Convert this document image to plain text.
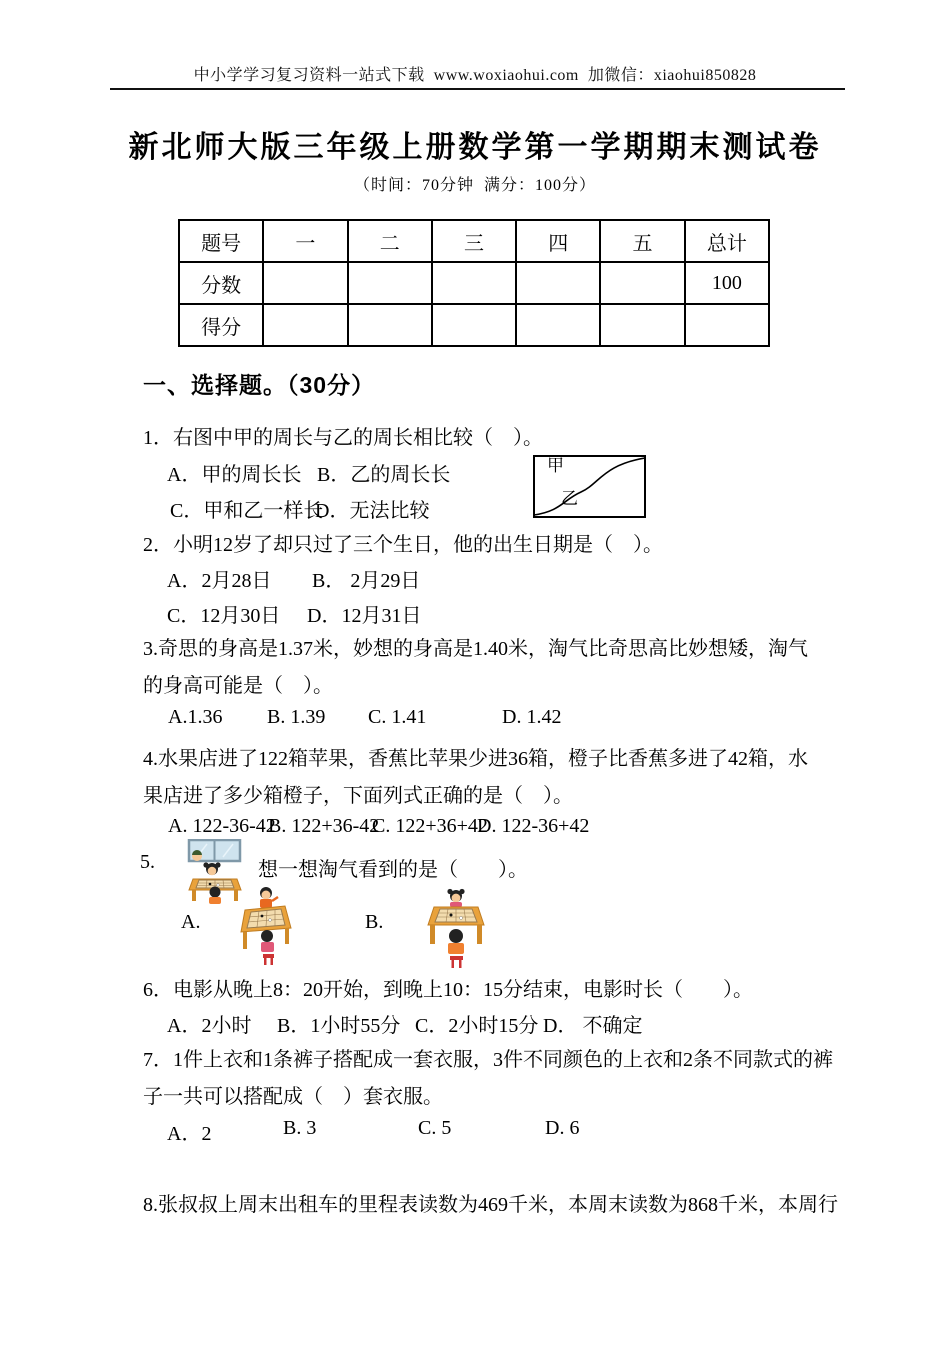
中小学学习复习资料一站式下载  www.woxiaohui.com  加微信：xiaohui850828
新北师大版三年级上册数学第一学期期末测试卷
（时间：70分钟  满分：100分）
题号	一	二	三	四	五	总计
分数						100
得分						
一、选择题。（30分）
1．右图中甲的周长与乙的周长相比较（　）。
A．甲的周长长 B．乙的周长长
C．甲和乙一样长
D．无法比较
甲
乙
2．小明12岁了却只过了三个生日，他的出生日期是（　）。
A．2月28日 B． 2月29日
C．12月30日 D．12月31日
3.奇思的身高是1.37米，妙想的身高是1.40米，淘气比奇思高比妙想矮，淘气
的身高可能是（　）。
A.1.36 B. 1.39 C. 1.41	D. 1.42
4.水果店进了122箱苹果，香蕉比苹果少进36箱，橙子比香蕉多进了42箱，水
果店进了多少箱橙子，下面列式正确的是（　）。
A. 122-36-42
B. 122+36-42
C. 122+36+42
D. 122-36+42
5.	想一想淘气看到的是（　　）。
A.	B.
6．电影从晚上8：20开始，到晚上10：15分结束，电影时长（　　）。
A．2小时 B．1小时55分 C．2小时15分 D． 不确定
7．1件上衣和1条裤子搭配成一套衣服，3件不同颜色的上衣和2条不同款式的裤
子一共可以搭配成（　）套衣服。
A．2	B. 3	C. 5	D. 6
8.张叔叔上周末出租车的里程表读数为469千米，本周末读数为868千米，本周行
